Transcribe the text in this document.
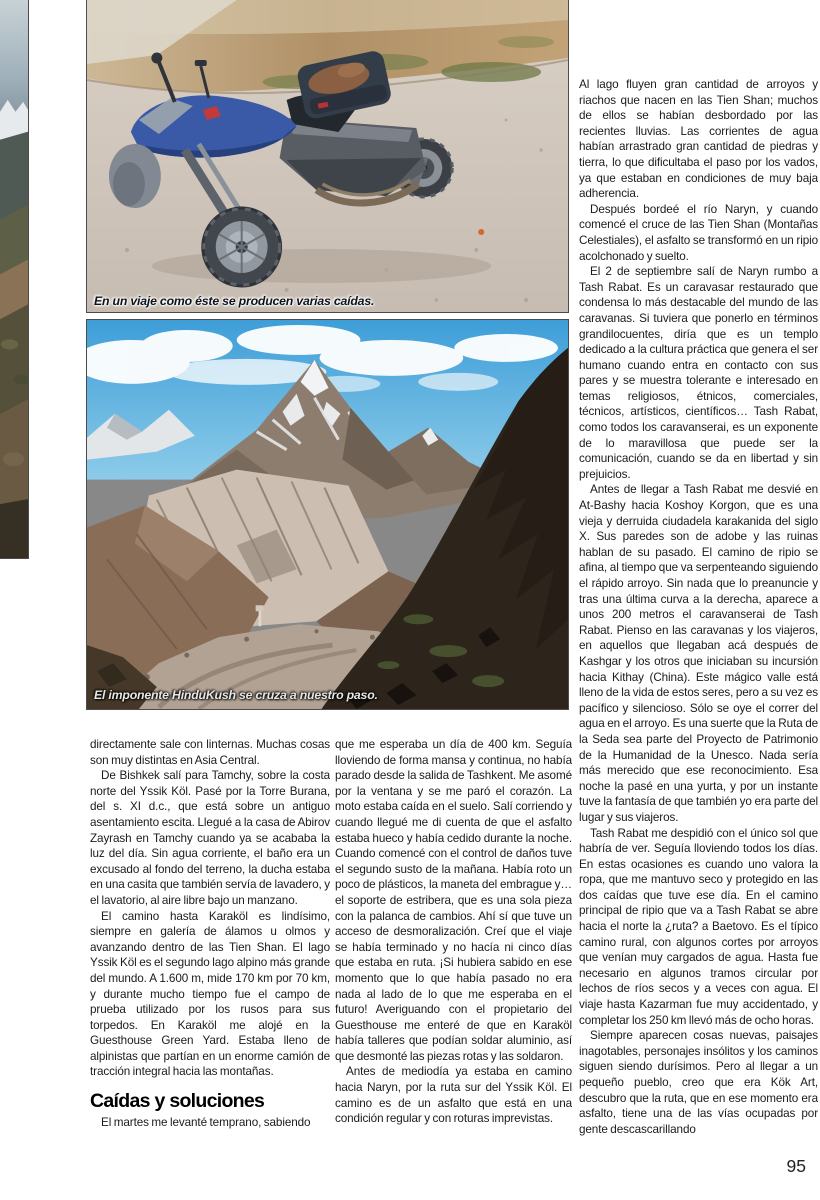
En un viaje como éste se producen varias caídas.
El imponente HinduKush se cruza a nuestro paso.

directamente sale con linternas. Muchas cosas son muy distintas en Asia Central.

De Bishkek salí para Tamchy, sobre la costa norte del Yssik Köl. Pasé por la Torre Burana, del s. XI d.c., que está sobre un antiguo asentamiento escita. Llegué a la casa de Abirov Zayrash en Tamchy cuando ya se acababa la luz del día. Sin agua corriente, el baño era un excusado al fondo del terreno, la ducha estaba en una casita que también servía de lavadero, y el lavatorio, al aire libre bajo un manzano.

El camino hasta Karaköl es lindísimo, siempre en galería de álamos u olmos y avanzando dentro de las Tien Shan. El lago Yssik Köl es el segundo lago alpino más grande del mundo. A 1.600 m, mide 170 km por 70 km, y durante mucho tiempo fue el campo de prueba utilizado por los rusos para sus torpedos. En Karaköl me alojé en la Guesthouse Green Yard. Estaba lleno de alpinistas que partían en un enorme camión de tracción integral hacia las montañas.

Caídas y soluciones

El martes me levanté temprano, sabiendo

que me esperaba un día de 400 km. Seguía lloviendo de forma mansa y continua, no había parado desde la salida de Tashkent. Me asomé por la ventana y se me paró el corazón. La moto estaba caída en el suelo. Salí corriendo y cuando llegué me di cuenta de que el asfalto estaba hueco y había cedido durante la noche. Cuando comencé con el control de daños tuve el segundo susto de la mañana. Había roto un poco de plásticos, la maneta del embrague y… el soporte de estribera, que es una sola pieza con la palanca de cambios. Ahí sí que tuve un acceso de desmoralización. Creí que el viaje se había terminado y no hacía ni cinco días que estaba en ruta. ¡Si hubiera sabido en ese momento que lo que había pasado no era nada al lado de lo que me esperaba en el futuro! Averiguando con el propietario del Guesthouse me enteré de que en Karaköl había talleres que podían soldar aluminio, así que desmonté las piezas rotas y las soldaron.

Antes de mediodía ya estaba en camino hacia Naryn, por la ruta sur del Yssik Köl. El camino es de un asfalto que está en una condición regular y con roturas imprevistas.

Al lago fluyen gran cantidad de arroyos y riachos que nacen en las Tien Shan; muchos de ellos se habían desbordado por las recientes lluvias. Las corrientes de agua habían arrastrado gran cantidad de piedras y tierra, lo que dificultaba el paso por los vados, ya que estaban en condiciones de muy baja adherencia.

Después bordeé el río Naryn, y cuando comencé el cruce de las Tien Shan (Montañas Celestiales), el asfalto se transformó en un ripio acolchonado y suelto.

El 2 de septiembre salí de Naryn rumbo a Tash Rabat. Es un caravasar restaurado que condensa lo más destacable del mundo de las caravanas. Si tuviera que ponerlo en términos grandilocuentes, diría que es un templo dedicado a la cultura práctica que genera el ser humano cuando entra en contacto con sus pares y se muestra tolerante e interesado en temas religiosos, étnicos, comerciales, técnicos, artísticos, científicos… Tash Rabat, como todos los caravanserai, es un exponente de lo maravillosa que puede ser la comunicación, cuando se da en libertad y sin prejuicios.

Antes de llegar a Tash Rabat me desvié en At-Bashy hacia Koshoy Korgon, que es una vieja y derruida ciudadela karakanida del siglo X. Sus paredes son de adobe y las ruinas hablan de su pasado. El camino de ripio se afina, al tiempo que va serpenteando siguiendo el rápido arroyo. Sin nada que lo preanuncie y tras una última curva a la derecha, aparece a unos 200 metros el caravanserai de Tash Rabat. Pienso en las caravanas y los viajeros, en aquellos que llegaban acá después de Kashgar y los otros que iniciaban su incursión hacia Kithay (China). Este mágico valle está lleno de la vida de estos seres, pero a su vez es pacífico y silencioso. Sólo se oye el correr del agua en el arroyo. Es una suerte que la Ruta de la Seda sea parte del Proyecto de Patrimonio de la Humanidad de la Unesco. Nada sería más merecido que ese reconocimiento. Esa noche la pasé en una yurta, y por un instante tuve la fantasía de que también yo era parte del lugar y sus viajeros.

Tash Rabat me despidió con el único sol que habría de ver. Seguía lloviendo todos los días. En estas ocasiones es cuando uno valora la ropa, que me mantuvo seco y protegido en las dos caídas que tuve ese día. En el camino principal de ripio que va a Tash Rabat se abre hacia el norte la ¿ruta? a Baetovo. Es el típico camino rural, con algunos cortes por arroyos que venían muy cargados de agua. Hasta fue necesario en algunos tramos circular por lechos de ríos secos y a veces con agua. El viaje hasta Kazarman fue muy accidentado, y completar los 250 km llevó más de ocho horas.

Siempre aparecen cosas nuevas, paisajes inagotables, personajes insólitos y los caminos siguen siendo durísimos. Pero al llegar a un pequeño pueblo, creo que era Kök Art, descubro que la ruta, que en ese momento era asfalto, tiene una de las vías ocupadas por gente descascarillando

95
